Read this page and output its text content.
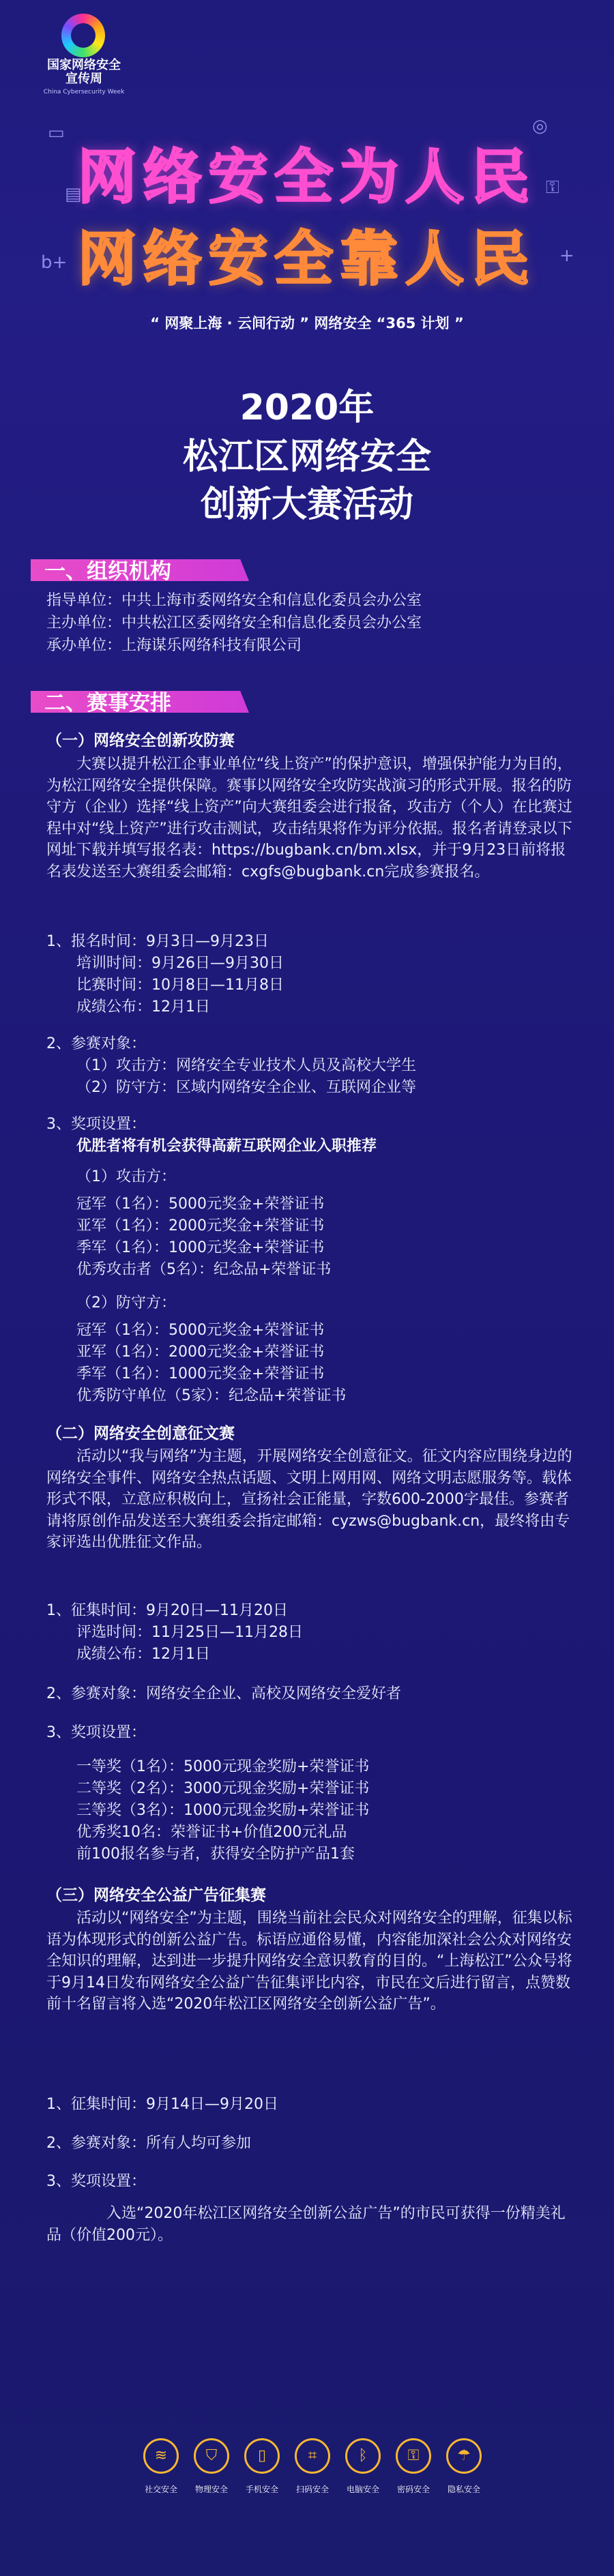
国家网络安全
宣传周
China Cybersecurity Week
▭
▤
b+
◎
⚿
+
网络安全为人民
网络安全靠人民
“ 网聚上海 · 云间行动 ” 网络安全 “365 计划 ”
2020年
松江区网络安全
创新大赛活动
一、组织机构
指导单位：中共上海市委网络安全和信息化委员会办公室
主办单位：中共松江区委网络安全和信息化委员会办公室
承办单位：上海谋乐网络科技有限公司
二、赛事安排
（一）网络安全创新攻防赛
大赛以提升松江企事业单位“线上资产”的保护意识，增强保护能力为目的，为松江网络安全提供保障。赛事以网络安全攻防实战演习的形式开展。报名的防守方（企业）选择“线上资产”向大赛组委会进行报备，攻击方（个人）在比赛过程中对“线上资产”进行攻击测试，攻击结果将作为评分依据。报名者请登录以下网址下载并填写报名表：https://bugbank.cn/bm.xlsx，并于9月23日前将报名表发送至大赛组委会邮箱：cxgfs@bugbank.cn完成参赛报名。
1、报名时间：9月3日—9月23日
培训时间：9月26日—9月30日
比赛时间：10月8日—11月8日
成绩公布：12月1日
2、参赛对象：
（1）攻击方：网络安全专业技术人员及高校大学生
（2）防守方：区域内网络安全企业、互联网企业等
3、奖项设置：
优胜者将有机会获得高薪互联网企业入职推荐
（1）攻击方：
冠军（1名）：5000元奖金+荣誉证书
亚军（1名）：2000元奖金+荣誉证书
季军（1名）：1000元奖金+荣誉证书
优秀攻击者（5名）：纪念品+荣誉证书
（2）防守方：
冠军（1名）：5000元奖金+荣誉证书
亚军（1名）：2000元奖金+荣誉证书
季军（1名）：1000元奖金+荣誉证书
优秀防守单位（5家）：纪念品+荣誉证书
（二）网络安全创意征文赛
活动以“我与网络”为主题，开展网络安全创意征文。征文内容应围绕身边的网络安全事件、网络安全热点话题、文明上网用网、网络文明志愿服务等。载体形式不限，立意应积极向上，宣扬社会正能量，字数600-2000字最佳。参赛者请将原创作品发送至大赛组委会指定邮箱：cyzws@bugbank.cn，最终将由专家评选出优胜征文作品。
1、征集时间：9月20日—11月20日
评选时间：11月25日—11月28日
成绩公布：12月1日
2、参赛对象：网络安全企业、高校及网络安全爱好者
3、奖项设置：
一等奖（1名）：5000元现金奖励+荣誉证书
二等奖（2名）：3000元现金奖励+荣誉证书
三等奖（3名）：1000元现金奖励+荣誉证书
优秀奖10名：荣誉证书+价值200元礼品
前100报名参与者，获得安全防护产品1套
（三）网络安全公益广告征集赛
活动以“网络安全”为主题，围绕当前社会民众对网络安全的理解，征集以标语为体现形式的创新公益广告。标语应通俗易懂，内容能加深社会公众对网络安全知识的理解，达到进一步提升网络安全意识教育的目的。“上海松江”公众号将于9月14日发布网络安全公益广告征集评比内容，市民在文后进行留言，点赞数前十名留言将入选“2020年松江区网络安全创新公益广告”。
1、征集时间：9月14日—9月20日
2、参赛对象：所有人均可参加
3、奖项设置：
入选“2020年松江区网络安全创新公益广告”的市民可获得一份精美礼品（价值200元）。
≋
社交安全
⛉
物理安全
▯
手机安全
⌗
扫码安全
ᛒ
电脑安全
⚿
密码安全
☂
隐私安全
